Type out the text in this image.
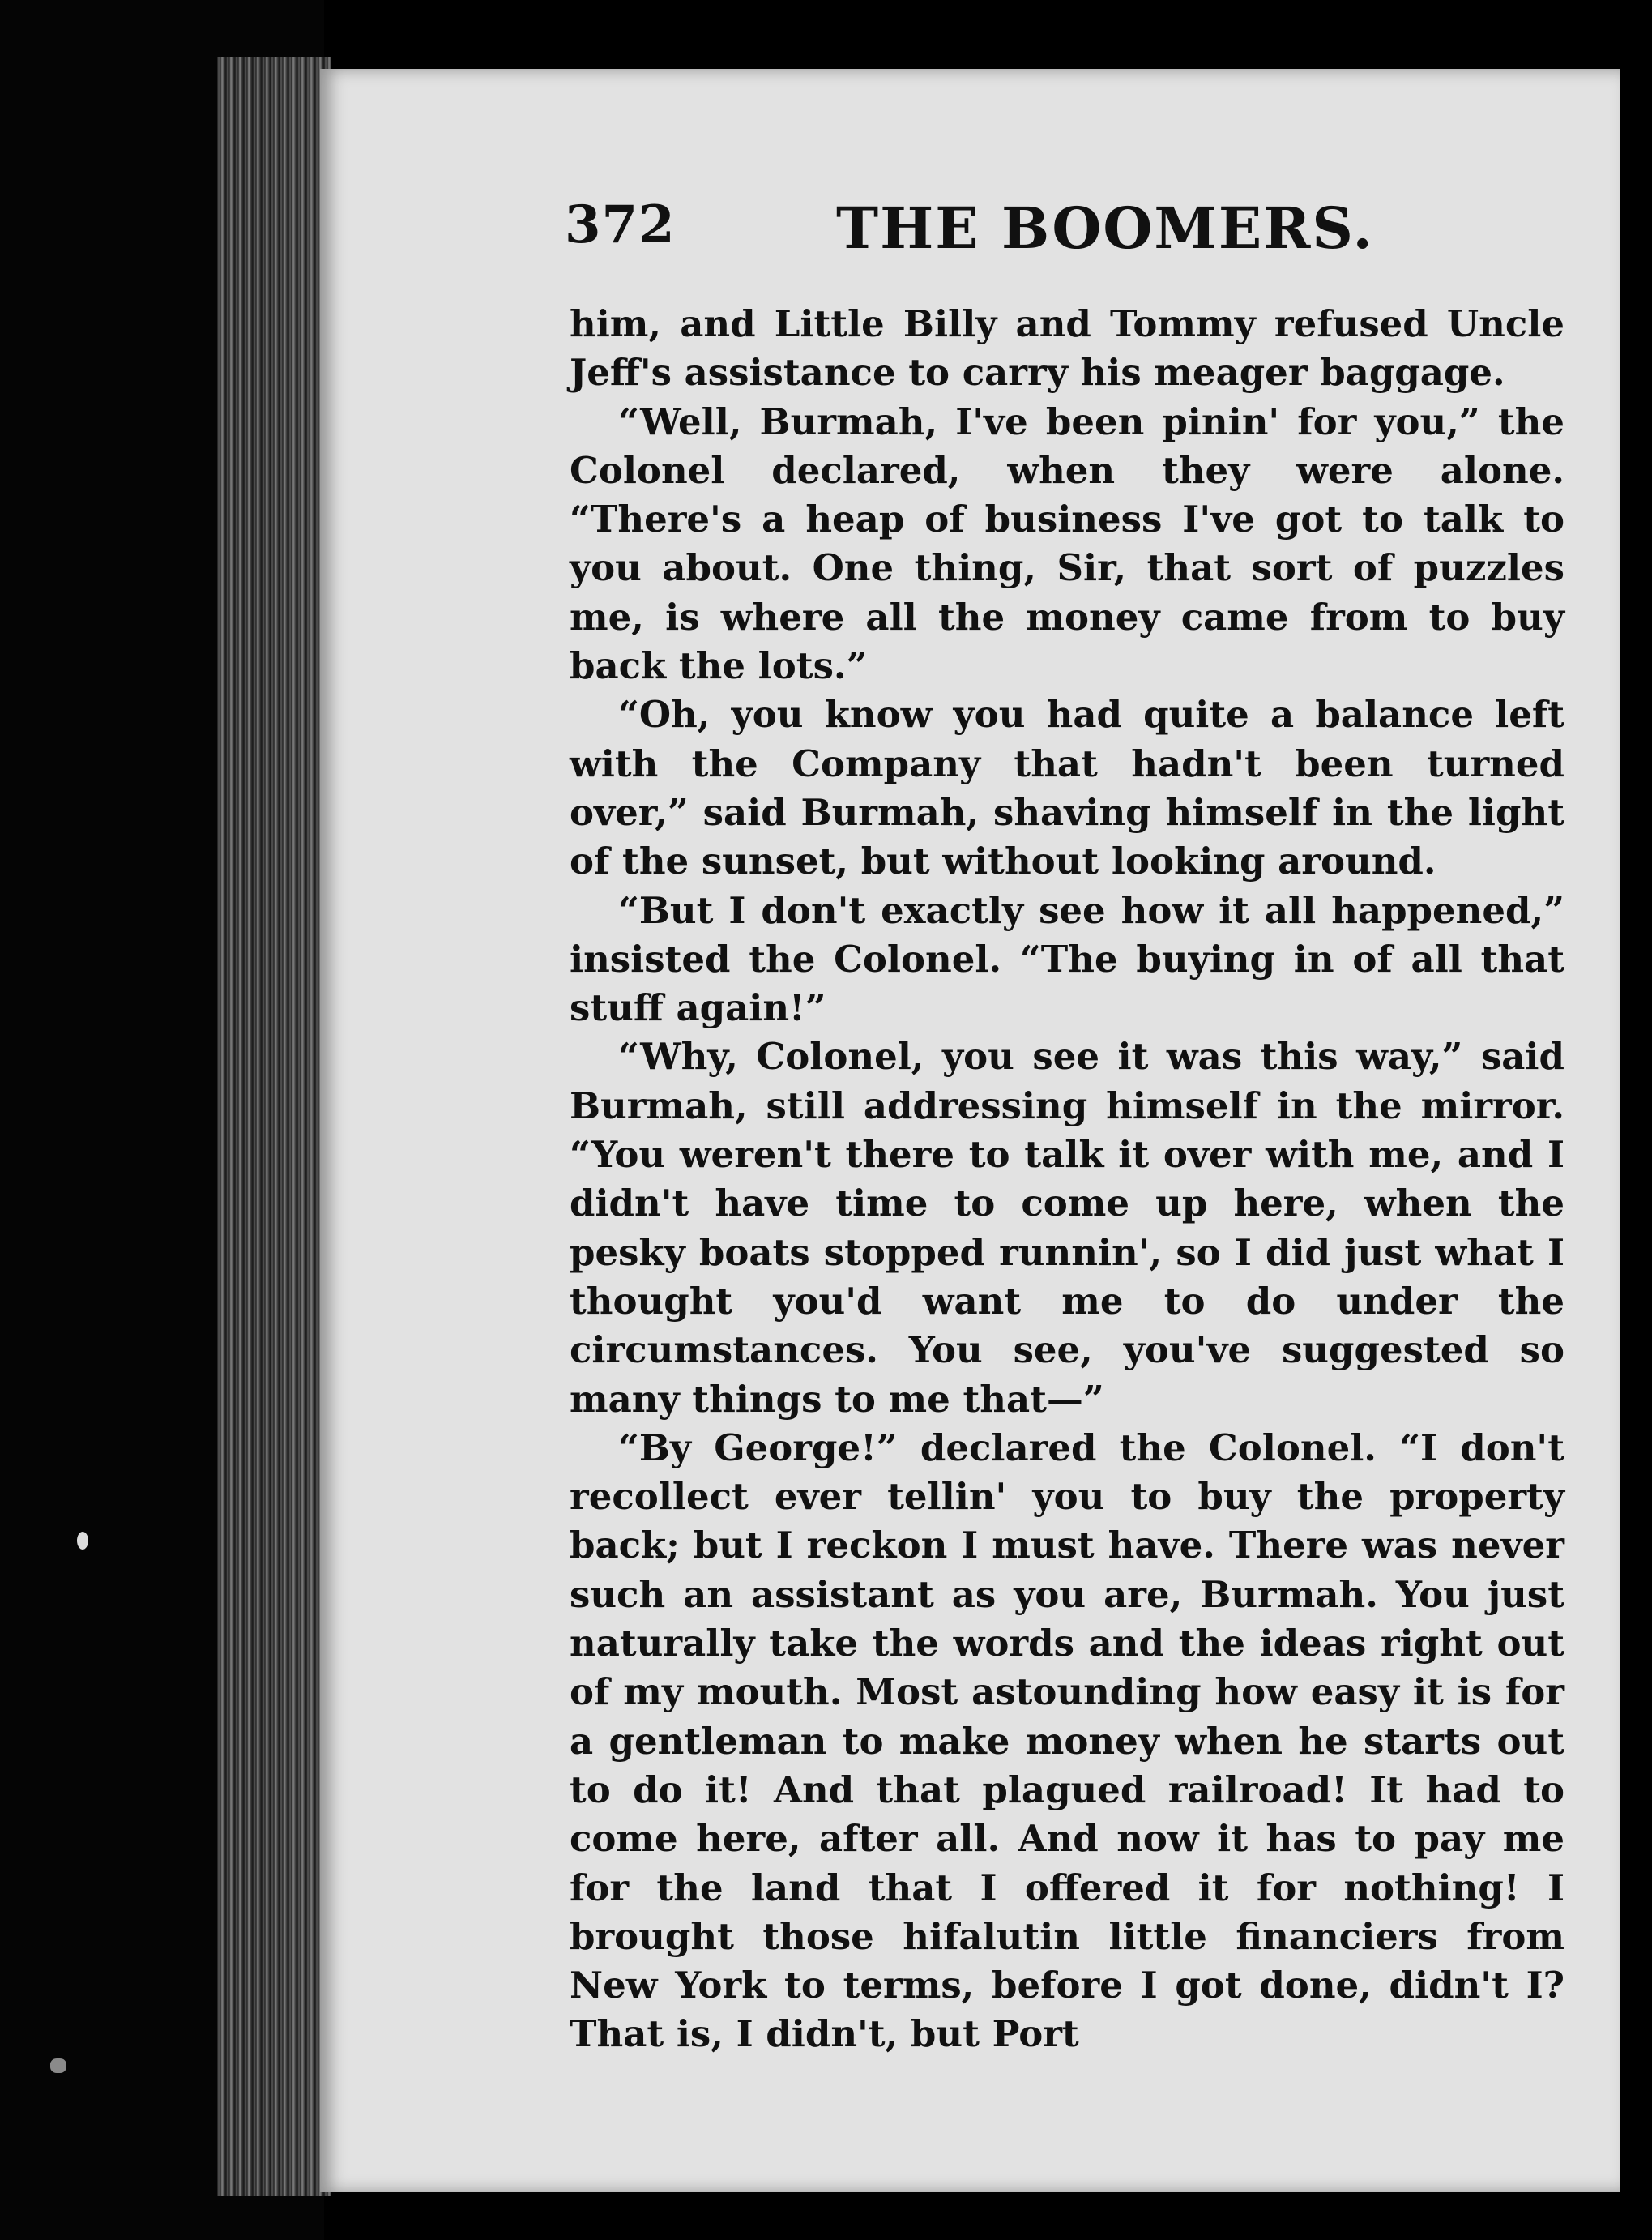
372	THE BOOMERS.

him, and Little Billy and Tommy refused Uncle Jeff's assistance to carry his meager baggage.

“Well, Burmah, I've been pinin' for you,” the Colonel declared, when they were alone. “There's a heap of business I've got to talk to you about. One thing, Sir, that sort of puzzles me, is where all the money came from to buy back the lots.”

“Oh, you know you had quite a balance left with the Company that hadn't been turned over,” said Burmah, shaving himself in the light of the sunset, but without looking around.

“But I don't exactly see how it all happened,” insisted the Colonel. “The buying in of all that stuff again!”

“Why, Colonel, you see it was this way,” said Burmah, still addressing himself in the mirror. “You weren't there to talk it over with me, and I didn't have time to come up here, when the pesky boats stopped runnin', so I did just what I thought you'd want me to do under the circumstances. You see, you've suggested so many things to me that—”

“By George!” declared the Colonel. “I don't recollect ever tellin' you to buy the property back; but I reckon I must have. There was never such an assistant as you are, Burmah. You just naturally take the words and the ideas right out of my mouth. Most astounding how easy it is for a gentleman to make money when he starts out to do it! And that plagued railroad! It had to come here, after all. And now it has to pay me for the land that I offered it for nothing! I brought those hifalutin little financiers from New York to terms, before I got done, didn't I? That is, I didn't, but Port
